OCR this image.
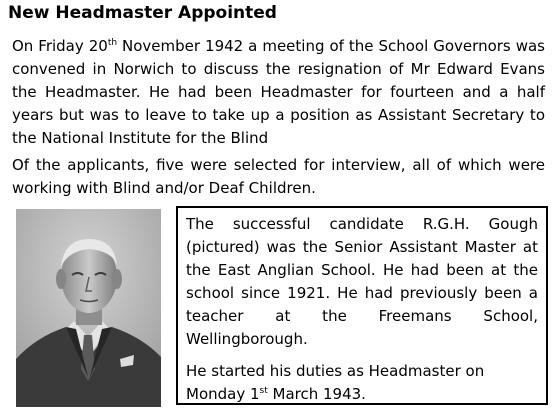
New Headmaster Appointed

On Friday 20th November 1942 a meeting of the School Governors was convened in Norwich to discuss the resignation of Mr Edward Evans the Headmaster. He had been Headmaster for fourteen and a half years but was to leave to take up a position as Assistant Secretary to the National Institute for the Blind

Of the applicants, five were selected for interview, all of which were working with Blind and/or Deaf Children.

The successful candidate R.G.H. Gough (pictured) was the Senior Assistant Master at the East Anglian School. He had been at the school since 1921. He had previously been a teacher at the Freemans School, Wellingborough.

He started his duties as Headmaster on Monday 1st March 1943.
